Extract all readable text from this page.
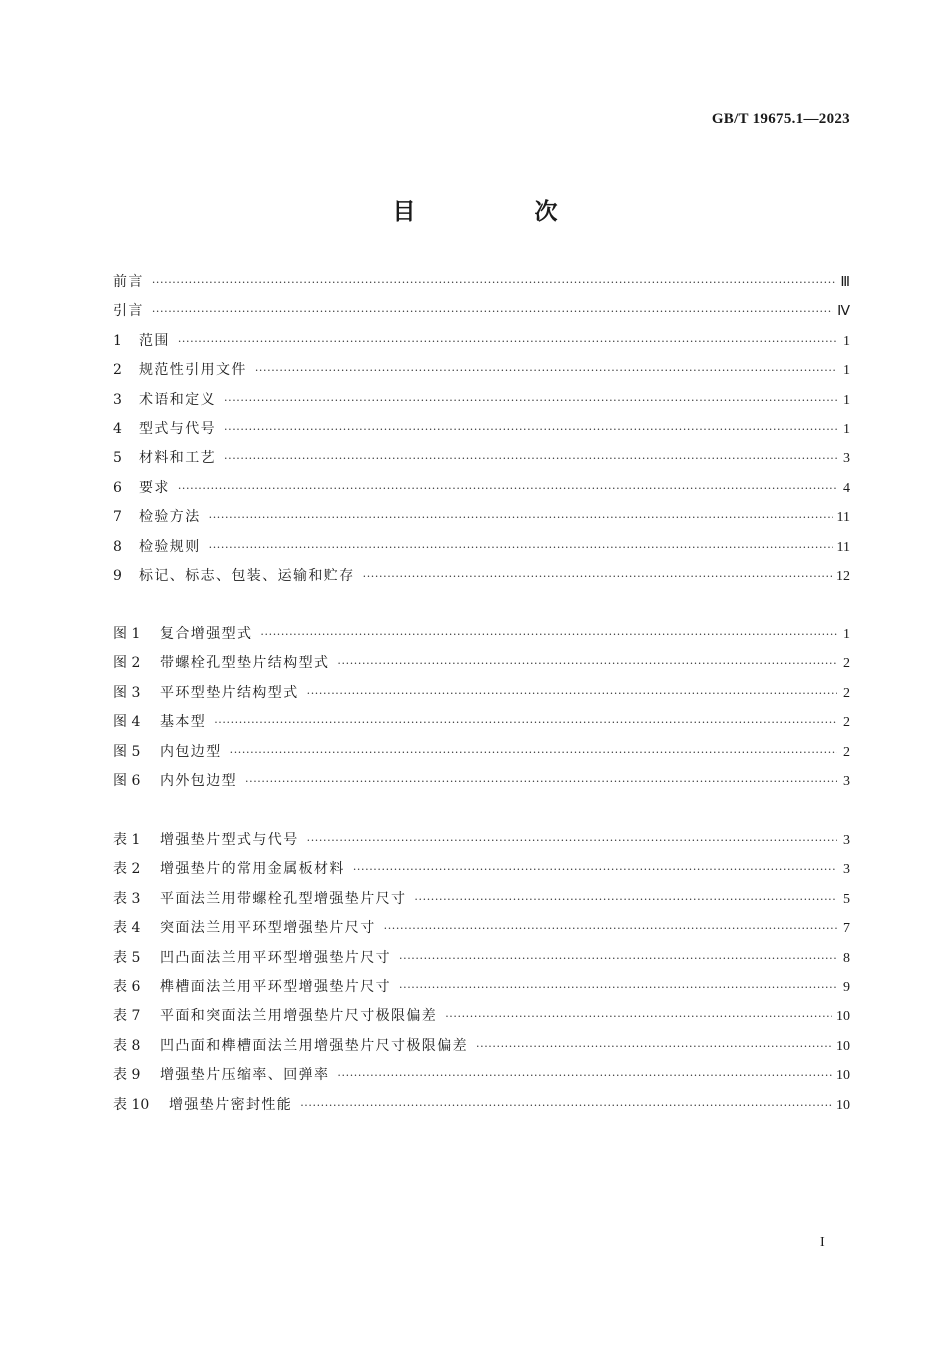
GB/T 19675.1—2023
目　次
前言 ·····	Ⅲ
引言 ·····	Ⅳ
1	范围 ·····	1
2	规范性引用文件 ·····	1
3	术语和定义 ·····	1
4	型式与代号 ·····	1
5	材料和工艺 ·····	3
6	要求 ·····	4
7	检验方法 ·····	11
8	检验规则 ·····	11
9	标记、标志、包装、运输和贮存 ·····	12
图 1	复合增强型式 ·····	1
图 2	带螺栓孔型垫片结构型式 ·····	2
图 3	平环型垫片结构型式 ·····	2
图 4	基本型 ·····	2
图 5	内包边型 ·····	2
图 6	内外包边型 ·····	3
表 1	增强垫片型式与代号 ·····	3
表 2	增强垫片的常用金属板材料 ·····	3
表 3	平面法兰用带螺栓孔型增强垫片尺寸 ·····	5
表 4	突面法兰用平环型增强垫片尺寸 ·····	7
表 5	凹凸面法兰用平环型增强垫片尺寸 ·····	8
表 6	榫槽面法兰用平环型增强垫片尺寸 ·····	9
表 7	平面和突面法兰用增强垫片尺寸极限偏差 ·····	10
表 8	凹凸面和榫槽面法兰用增强垫片尺寸极限偏差 ·····	10
表 9	增强垫片压缩率、回弹率 ·····	10
表 10	增强垫片密封性能 ·····	10
I
